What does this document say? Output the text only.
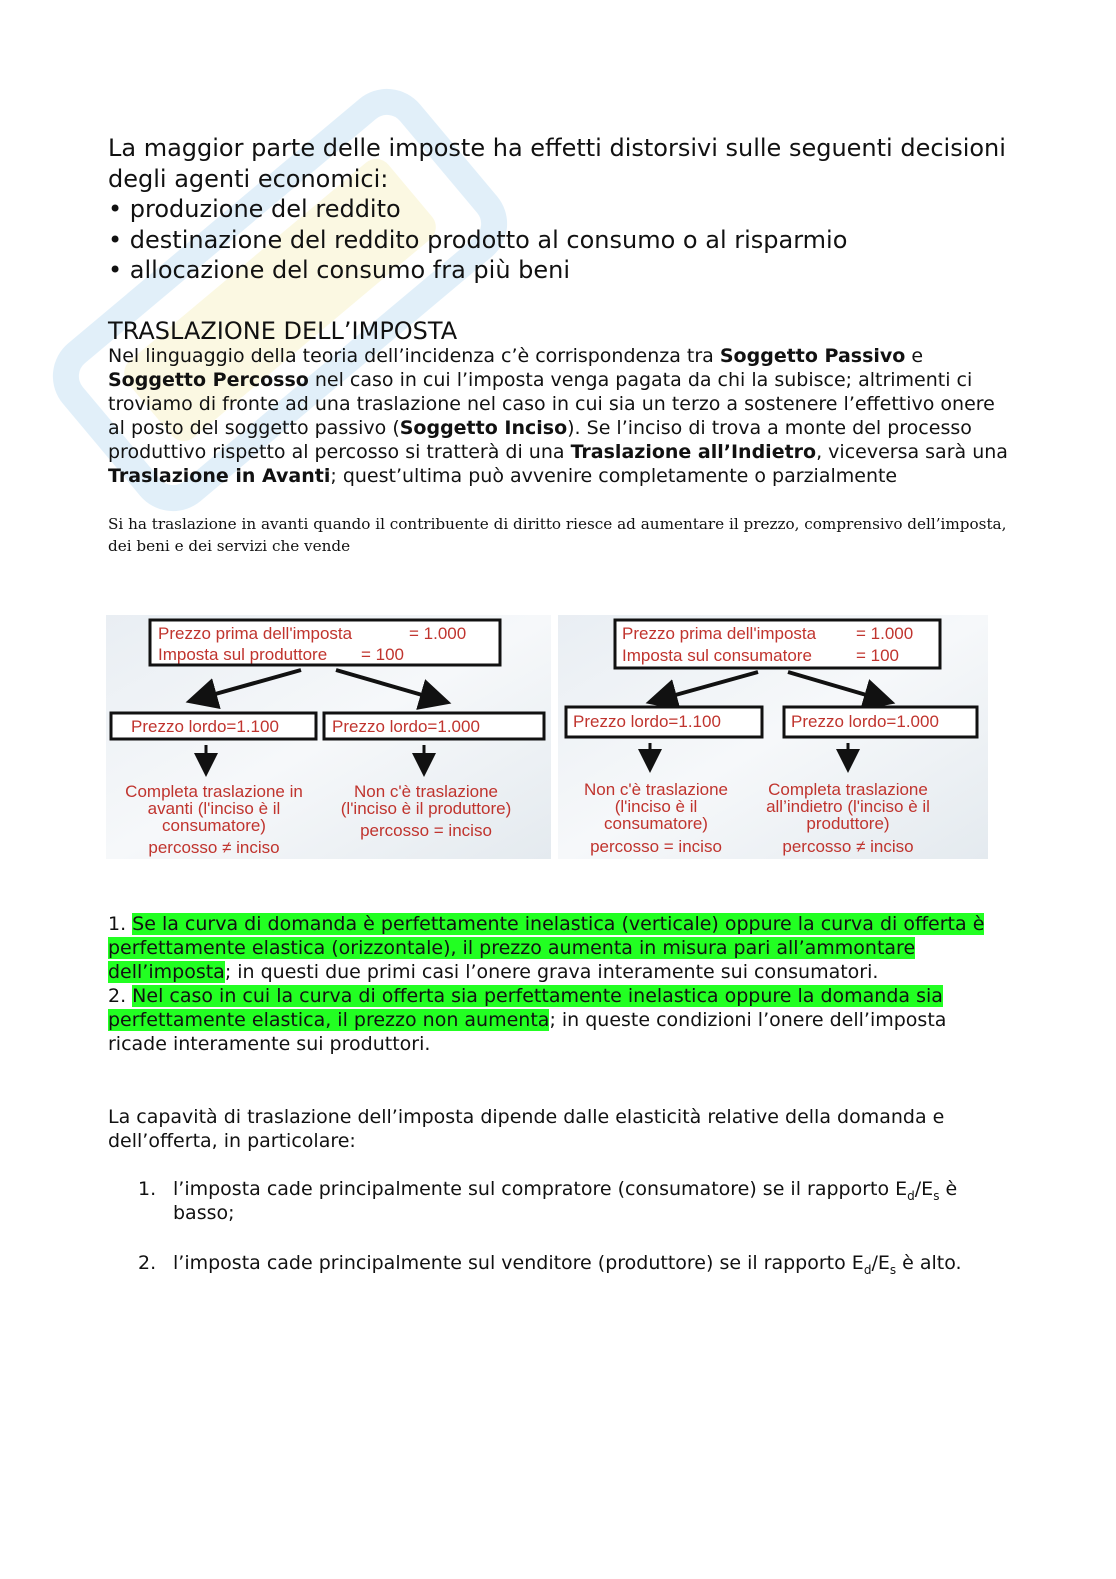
La maggior parte delle imposte ha effetti distorsivi sulle seguenti decisioni degli agenti economici:

• produzione del reddito

• destinazione del reddito prodotto al consumo o al risparmio

• allocazione del consumo fra più beni

TRASLAZIONE DELL’IMPOSTA
Nel linguaggio della teoria dell’incidenza c’è corrispondenza tra Soggetto Passivo e Soggetto Percosso nel caso in cui l’imposta venga pagata da chi la subisce; altrimenti ci troviamo di fronte ad una traslazione nel caso in cui sia un terzo a sostenere l’effettivo onere al posto del soggetto passivo (Soggetto Inciso). Se l’inciso di trova a monte del processo produttivo rispetto al percosso si tratterà di una Traslazione all’Indietro, viceversa sarà una Traslazione in Avanti; quest’ultima può avvenire completamente o parzialmente
Si ha traslazione in avanti quando il contribuente di diritto riesce ad aumentare il prezzo, comprensivo dell’imposta, dei beni e dei servizi che vende
Prezzo prima dell'imposta	= 1.000
Imposta sul produttore = 100
Prezzo lordo=1.100	Prezzo lordo=1.000
Completa traslazione in
avanti (l'inciso è il
consumatore)
percosso ≠ inciso
Non c'è traslazione
(l'inciso è il produttore)
percosso = inciso
Prezzo prima dell'imposta = 1.000
Imposta sul consumatore	= 100
Prezzo lordo=1.100	Prezzo lordo=1.000
Non c'è traslazione
(l'inciso è il
consumatore)
percosso = inciso
Completa traslazione
all’indietro (l'inciso è il
produttore)
percosso ≠ inciso

1. Se la curva di domanda è perfettamente inelastica (verticale) oppure la curva di offerta è perfettamente elastica (orizzontale), il prezzo aumenta in misura pari all’ammontare dell’imposta; in questi due primi casi l’onere grava interamente sui consumatori.

2. Nel caso in cui la curva di offerta sia perfettamente inelastica oppure la domanda sia perfettamente elastica, il prezzo non aumenta; in queste condizioni l’onere dell’imposta ricade interamente sui produttori.

La capavità di traslazione dell’imposta dipende dalle elasticità relative della domanda e dell’offerta, in particolare:
1. l’imposta cade principalmente sul compratore (consumatore) se il rapporto $E_d/E_s$ è basso;
2. l’imposta cade principalmente sul venditore (produttore) se il rapporto $E_d/E_s$ è alto.
